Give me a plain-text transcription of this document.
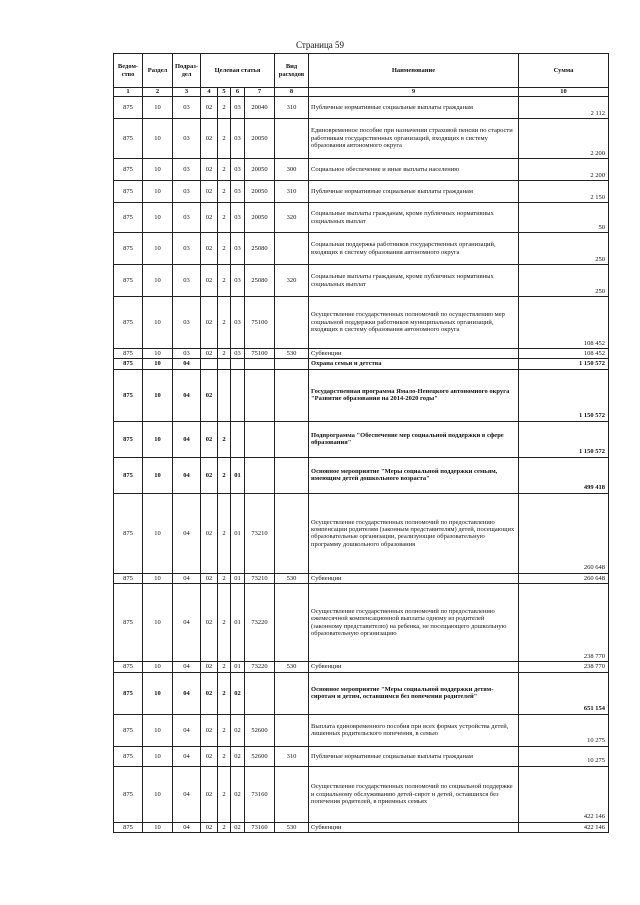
Страница 59
Ведом-ство	Раздел	Подраз-дел	Целевая статья				Вид расходов	Наименование	Сумма
1	2	3	4	5	6	7	8	9	10
875	10	03	02	2	03	20040	310	Публичные нормативные социальные выплаты гражданам	2 112
875	10	03	02	2	03	20050		Единовременное пособие при назначении страховой пенсии по старости работникам государственных организаций, входящих в систему образования автономного округа	2 200
875	10	03	02	2	03	20050	300	Социальное обеспечение и иные выплаты населению	2 200
875	10	03	02	2	03	20050	310	Публичные нормативные социальные выплаты гражданам	2 150
875	10	03	02	2	03	20050	320	Социальные выплаты гражданам, кроме публичных нормативных социальных выплат	50
875	10	03	02	2	03	25080		Социальная поддержка работников государственных организаций, входящих в систему образования автономного округа	250
875	10	03	02	2	03	25080	320	Социальные выплаты гражданам, кроме публичных нормативных социальных выплат	250
875	10	03	02	2	03	75100		Осуществление государственных полномочий по осуществлению мер социальной поддержки работников муниципальных организаций, входящих в систему образования автономного округа	108 452
875	10	03	02	2	03	75100	530	Субвенции	108 452
875	10	04						Охрана семьи и детства	1 150 572
875	10	04	02					Государственная программа Ямало-Ненецкого автономного округа "Развитие образования на 2014-2020 годы"	1 150 572
875	10	04	02	2				Подпрограмма "Обеспечение мер социальной поддержки в сфере образования"	1 150 572
875	10	04	02	2	01			Основное мероприятие "Меры социальной поддержки семьям, имеющим детей дошкольного возраста"	499 418
875	10	04	02	2	01	73210		Осуществление государственных полномочий по предоставлению компенсации родителям (законным представителям) детей, посещающих образовательные организации, реализующие образовательную программу дошкольного образования	260 648
875	10	04	02	2	01	73210	530	Субвенции	260 648
875	10	04	02	2	01	73220		Осуществление государственных полномочий по предоставлению ежемесячной компенсационной выплаты одному из родителей (законному представителю) на ребенка, не посещающего дошкольную образовательную организацию	238 770
875	10	04	02	2	01	73220	530	Субвенции	238 770
875	10	04	02	2	02			Основное мероприятие "Меры социальной поддержки детям-сиротам и детям, оставшимся без попечения родителей"	651 154
875	10	04	02	2	02	52600		Выплата единовременного пособия при всех формах устройства детей, лишенных родительского попечения, в семью	10 275
875	10	04	02	2	02	52600	310	Публичные нормативные социальные выплаты гражданам	10 275
875	10	04	02	2	02	73160		Осуществление государственных полномочий по социальной поддержке и социальному обслуживанию детей-сирот и детей, оставшихся без попечения родителей, в приемных семьях	422 146
875	10	04	02	2	02	73160	530	Субвенции	422 146
